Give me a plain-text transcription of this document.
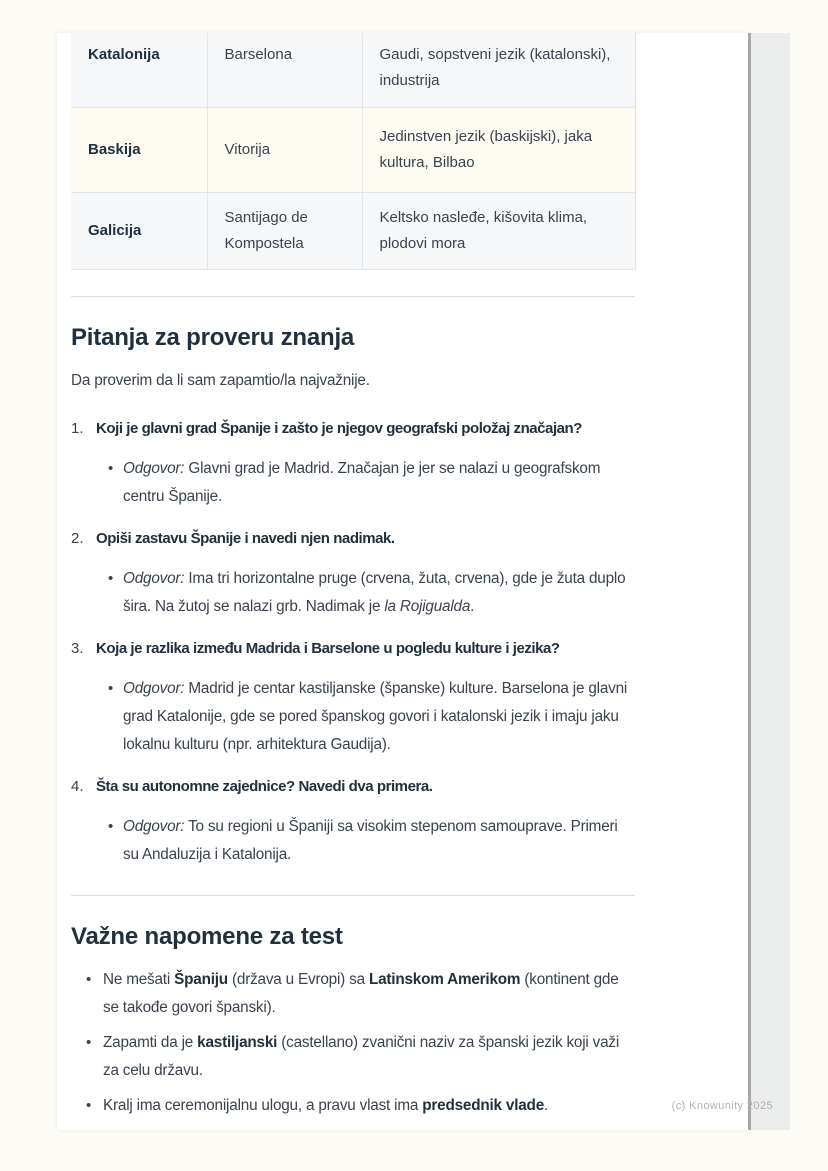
Katalonija	Barselona	Gaudi, sopstveni jezik (katalonski), industrija
Baskija	Vitorija	Jedinstven jezik (baskijski), jaka kultura, Bilbao
Galicija	Santijago de Kompostela	Keltsko nasleđe, kišovita klima, plodovi mora
Pitanja za proveru znanja

Da proverim da li sam zapamtio/la najvažnije.

Koji je glavni grad Španije i zašto je njegov geografski položaj značajan?
• Odgovor: Glavni grad je Madrid. Značajan je jer se nalazi u geografskom centru Španije.
Opiši zastavu Španije i navedi njen nadimak.
• Odgovor: Ima tri horizontalne pruge (crvena, žuta, crvena), gde je žuta duplo šira. Na žutoj se nalazi grb. Nadimak je la Rojigualda.
Koja je razlika između Madrida i Barselone u pogledu kulture i jezika?
• Odgovor: Madrid je centar kastiljanske (španske) kulture. Barselona je glavni grad Katalonije, gde se pored španskog govori i katalonski jezik i imaju jaku lokalnu kulturu (npr. arhitektura Gaudija).
Šta su autonomne zajednice? Navedi dva primera.
• Odgovor: To su regioni u Španiji sa visokim stepenom samouprave. Primeri su Andaluzija i Katalonija.
Važne napomene za test
• Ne mešati Španiju (država u Evropi) sa Latinskom Amerikom (kontinent gde se takođe govori španski).
• Zapamti da je kastiljanski (castellano) zvanični naziv za španski jezik koji važi za celu državu.
• Kralj ima ceremonijalnu ulogu, a pravu vlast ima predsednik vlade.	(c) Knowunity 2025
